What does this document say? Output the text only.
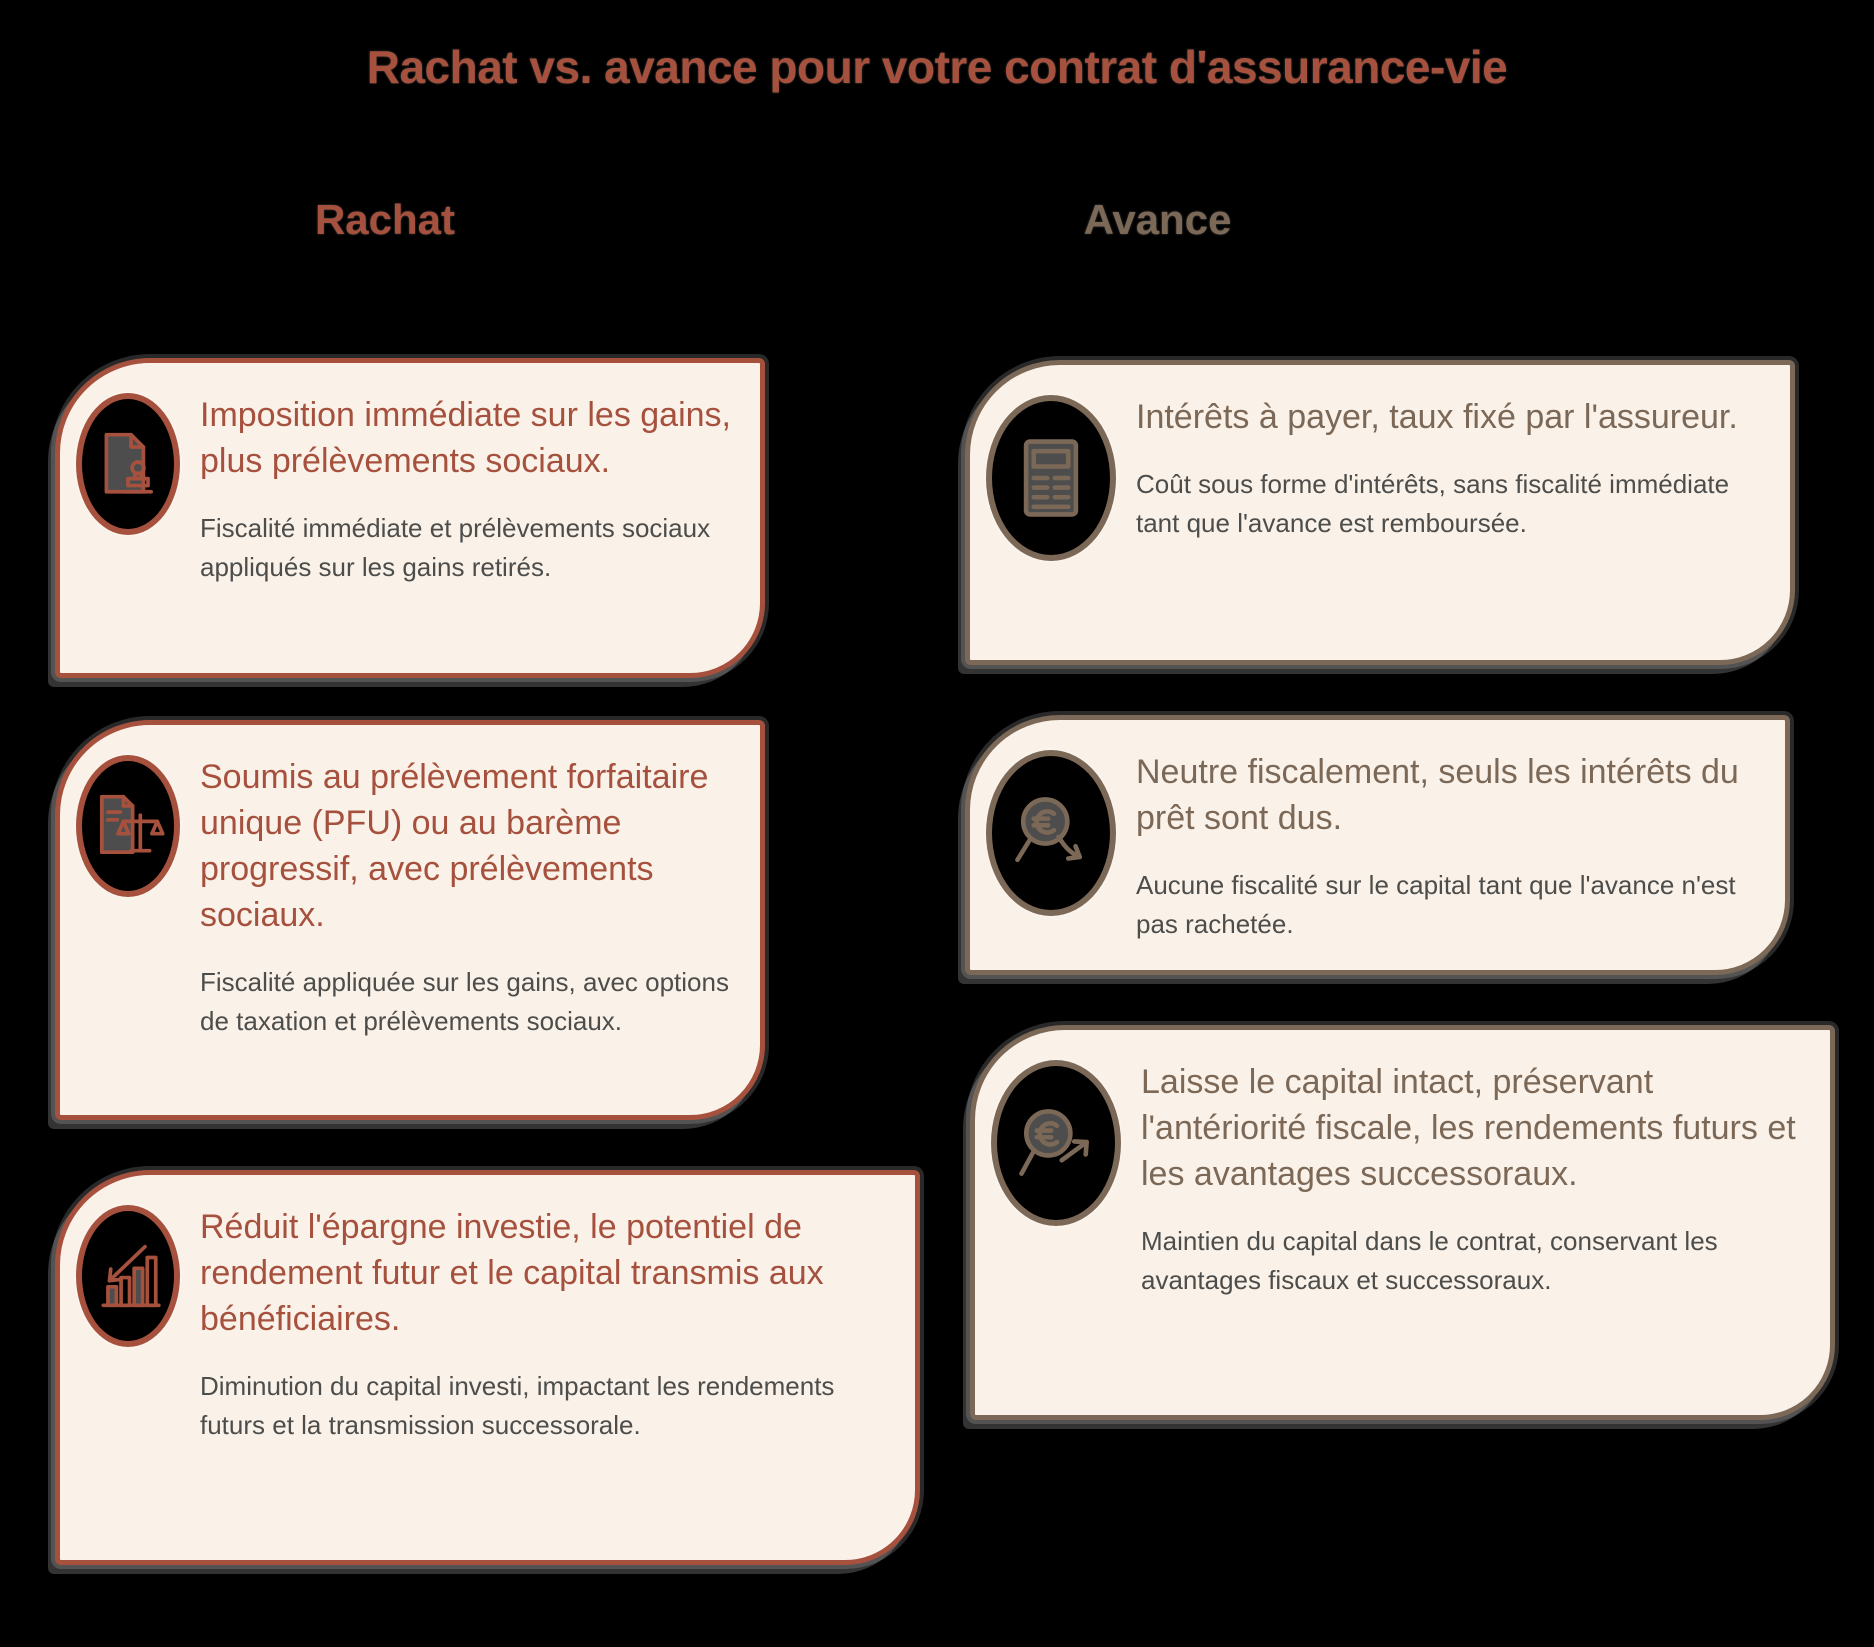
Rachat vs. avance pour votre contrat d'assurance-vie
Rachat	Avance
Imposition immédiate sur les gains, plus prélèvements sociaux.
Fiscalité immédiate et prélèvements sociaux appliqués sur les gains retirés.
Soumis au prélèvement forfaitaire unique (PFU) ou au barème progressif, avec prélèvements sociaux.
Fiscalité appliquée sur les gains, avec options de taxation et prélèvements sociaux.
Réduit l'épargne investie, le potentiel de rendement futur et le capital transmis aux bénéficiaires.
Diminution du capital investi, impactant les rendements futurs et la transmission successorale.
Intérêts à payer, taux fixé par l'assureur.
Coût sous forme d'intérêts, sans fiscalité immédiate tant que l'avance est remboursée.
Neutre fiscalement, seuls les intérêts du prêt sont dus.
Aucune fiscalité sur le capital tant que l'avance n'est pas rachetée.
Laisse le capital intact, préservant l'antériorité fiscale, les rendements futurs et les avantages successoraux.
Maintien du capital dans le contrat, conservant les avantages fiscaux et successoraux.
